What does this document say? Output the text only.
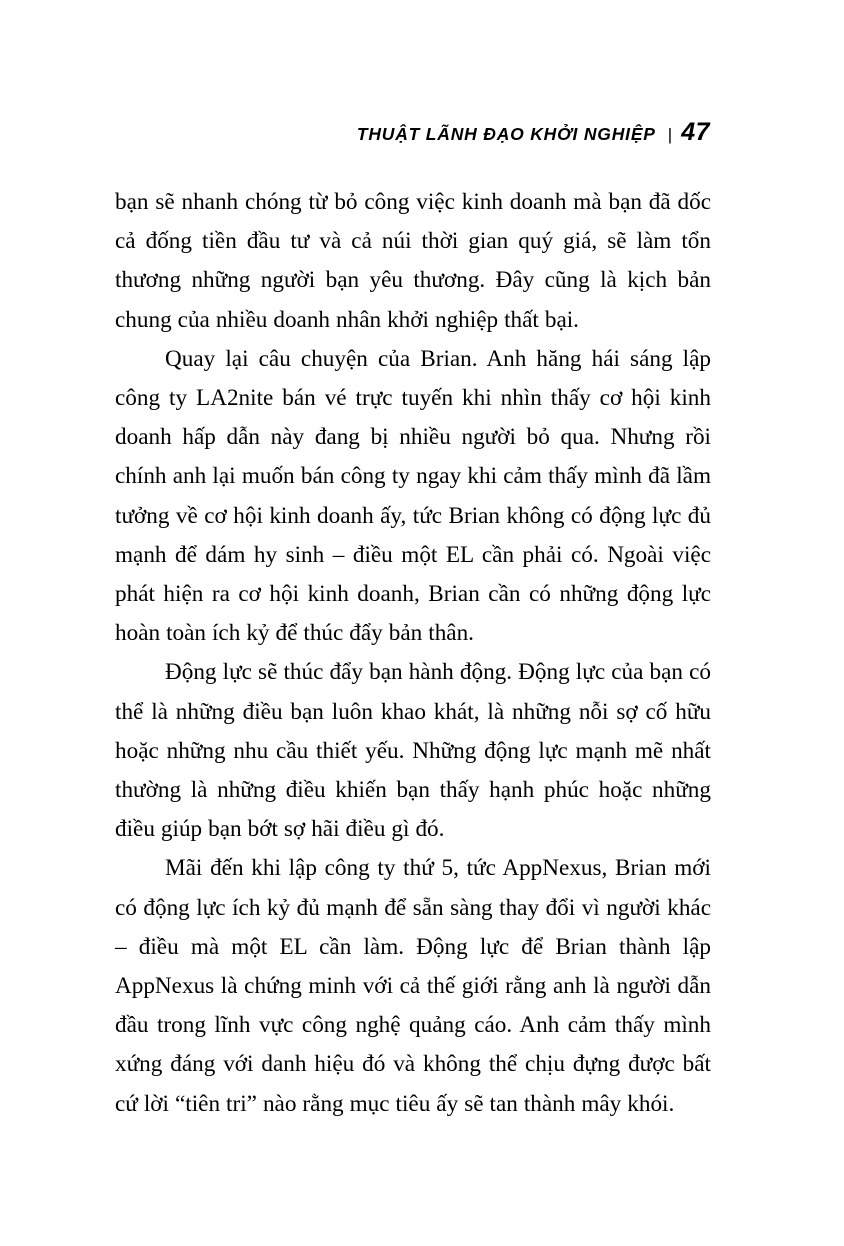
THUẬT LÃNH ĐẠO KHỞI NGHIỆP | 47

bạn sẽ nhanh chóng từ bỏ công việc kinh doanh mà bạn đã dốc cả đống tiền đầu tư và cả núi thời gian quý giá, sẽ làm tổn thương những người bạn yêu thương. Đây cũng là kịch bản chung của nhiều doanh nhân khởi nghiệp thất bại.

Quay lại câu chuyện của Brian. Anh hăng hái sáng lập công ty LA2nite bán vé trực tuyến khi nhìn thấy cơ hội kinh doanh hấp dẫn này đang bị nhiều người bỏ qua. Nhưng rồi chính anh lại muốn bán công ty ngay khi cảm thấy mình đã lầm tưởng về cơ hội kinh doanh ấy, tức Brian không có động lực đủ mạnh để dám hy sinh – điều một EL cần phải có. Ngoài việc phát hiện ra cơ hội kinh doanh, Brian cần có những động lực hoàn toàn ích kỷ để thúc đẩy bản thân.

Động lực sẽ thúc đẩy bạn hành động. Động lực của bạn có thể là những điều bạn luôn khao khát, là những nỗi sợ cố hữu hoặc những nhu cầu thiết yếu. Những động lực mạnh mẽ nhất thường là những điều khiến bạn thấy hạnh phúc hoặc những điều giúp bạn bớt sợ hãi điều gì đó.

Mãi đến khi lập công ty thứ 5, tức AppNexus, Brian mới có động lực ích kỷ đủ mạnh để sẵn sàng thay đổi vì người khác – điều mà một EL cần làm. Động lực để Brian thành lập AppNexus là chứng minh với cả thế giới rằng anh là người dẫn đầu trong lĩnh vực công nghệ quảng cáo. Anh cảm thấy mình xứng đáng với danh hiệu đó và không thể chịu đựng được bất cứ lời “tiên tri” nào rằng mục tiêu ấy sẽ tan thành mây khói.
